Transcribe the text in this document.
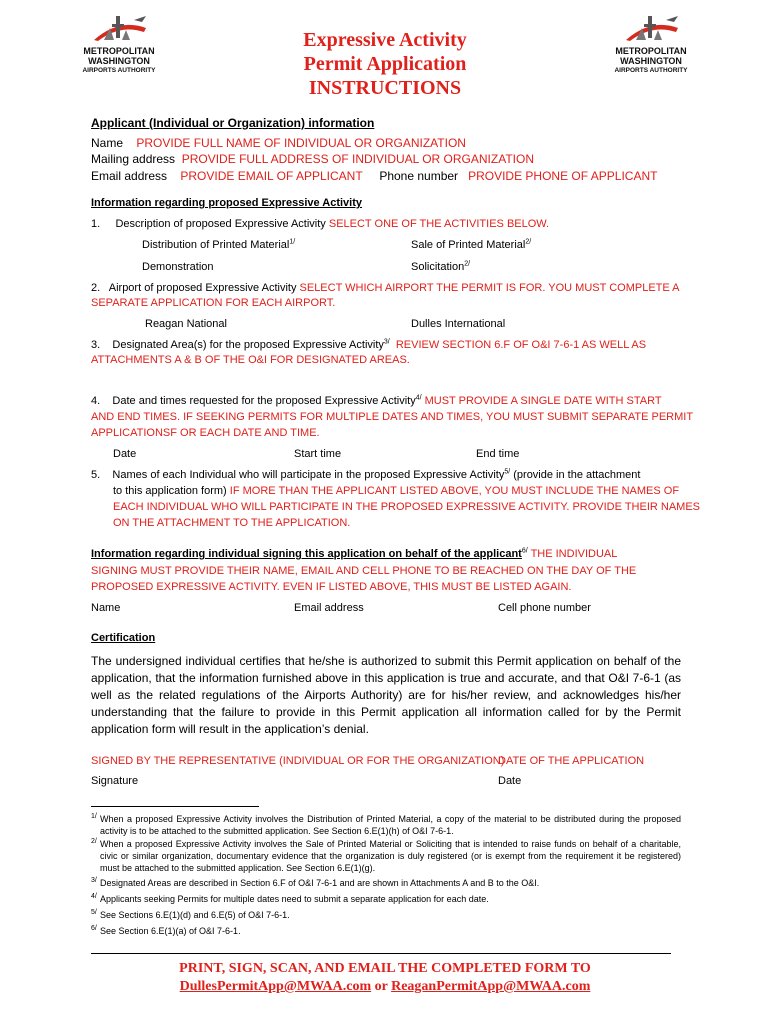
METROPOLITAN
WASHINGTON
AIRPORTS AUTHORITY
METROPOLITAN
WASHINGTON
AIRPORTS AUTHORITY
Expressive Activity
Permit Application
INSTRUCTIONS
Applicant (Individual or Organization) information
Name PROVIDE FULL NAME OF INDIVIDUAL OR ORGANIZATION
Mailing address PROVIDE FULL ADDRESS OF INDIVIDUAL OR ORGANIZATION
Email address PROVIDE EMAIL OF APPLICANT Phone number PROVIDE PHONE OF APPLICANT
Information regarding proposed Expressive Activity
1. Description of proposed Expressive Activity SELECT ONE OF THE ACTIVITIES BELOW.
Distribution of Printed Material$^{1/}$	Sale of Printed Material$^{2/}$
Demonstration	Solicitation$^{2/}$
2. Airport of proposed Expressive Activity SELECT WHICH AIRPORT THE PERMIT IS FOR. YOU MUST COMPLETE A
SEPARATE APPLICATION FOR EACH AIRPORT.
Reagan National	Dulles International
3. Designated Area(s) for the proposed Expressive Activity$^{3/}$ REVIEW SECTION 6.F OF O&I 7-6-1 AS WELL AS
ATTACHMENTS A & B OF THE O&I FOR DESIGNATED AREAS.
4. Date and times requested for the proposed Expressive Activity$^{4/}$ MUST PROVIDE A SINGLE DATE WITH START
AND END TIMES. IF SEEKING PERMITS FOR MULTIPLE DATES AND TIMES, YOU MUST SUBMIT SEPARATE PERMIT
APPLICATIONSF OR EACH DATE AND TIME.
Date	Start time	End time
5. Names of each Individual who will participate in the proposed Expressive Activity$^{5/}$ (provide in the attachment
to this application form) IF MORE THAN THE APPLICANT LISTED ABOVE, YOU MUST INCLUDE THE NAMES OF
EACH INDIVIDUAL WHO WILL PARTICIPATE IN THE PROPOSED EXPRESSIVE ACTIVITY. PROVIDE THEIR NAMES
ON THE ATTACHMENT TO THE APPLICATION.
Information regarding individual signing this application on behalf of the applicant$^{6/}$ THE INDIVIDUAL
SIGNING MUST PROVIDE THEIR NAME, EMAIL AND CELL PHONE TO BE REACHED ON THE DAY OF THE
PROPOSED EXPRESSIVE ACTIVITY. EVEN IF LISTED ABOVE, THIS MUST BE LISTED AGAIN.
Name	Email address	Cell phone number
Certification
The undersigned individual certifies that he/she is authorized to submit this Permit application on behalf of the application, that the information furnished above in this application is true and accurate, and that O&I 7-6-1 (as well as the related regulations of the Airports Authority) are for his/her review, and acknowledges his/her understanding that the failure to provide in this Permit application all information called for by the Permit application form will result in the application’s denial.
SIGNED BY THE REPRESENTATIVE (INDIVIDUAL OR FOR THE ORGANIZATION)
DATE OF THE APPLICATION
Signature	Date
1/ When a proposed Expressive Activity involves the Distribution of Printed Material, a copy of the material to be distributed during the proposed activity is to be attached to the submitted application. See Section 6.E(1)(h) of O&I 7-6-1.
2/ When a proposed Expressive Activity involves the Sale of Printed Material or Soliciting that is intended to raise funds on behalf of a charitable, civic or similar organization, documentary evidence that the organization is duly registered (or is exempt from the requirement it be registered) must be attached to the submitted application. See Section 6.E(1)(g).
3/ Designated Areas are described in Section 6.F of O&I 7-6-1 and are shown in Attachments A and B to the O&I.
4/ Applicants seeking Permits for multiple dates need to submit a separate application for each date.
5/ See Sections 6.E(1)(d) and 6.E(5) of O&I 7-6-1.
6/ See Section 6.E(1)(a) of O&I 7-6-1.
PRINT, SIGN, SCAN, AND EMAIL THE COMPLETED FORM TO
DullesPermitApp@MWAA.com or ReaganPermitApp@MWAA.com
